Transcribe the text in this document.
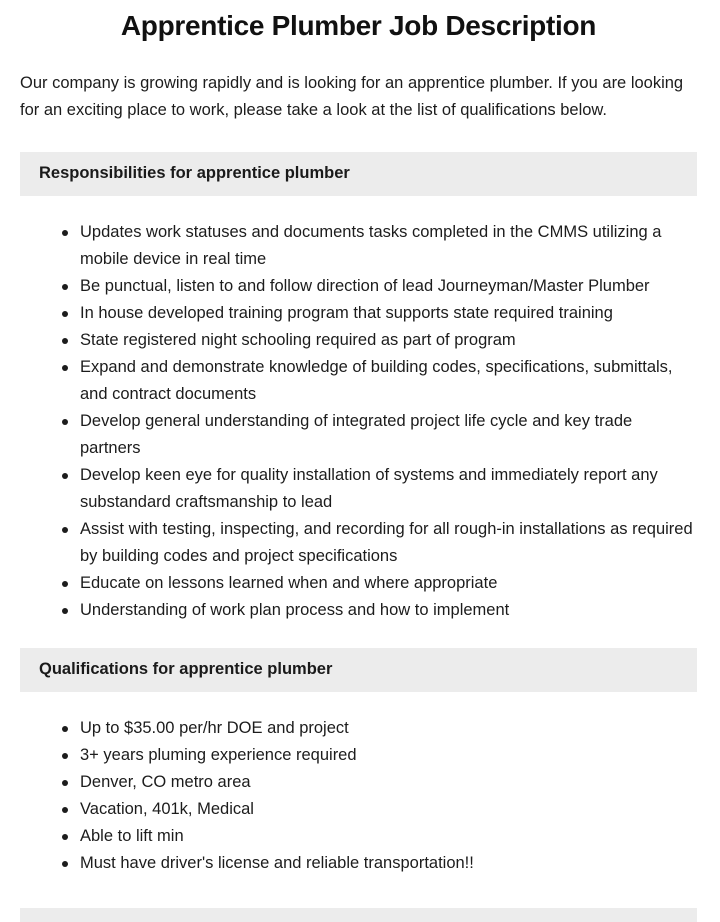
Apprentice Plumber Job Description

Our company is growing rapidly and is looking for an apprentice plumber. If you are looking for an exciting place to work, please take a look at the list of qualifications below.

Responsibilities for apprentice plumber
Updates work statuses and documents tasks completed in the CMMS utilizing a mobile device in real time
Be punctual, listen to and follow direction of lead Journeyman/Master Plumber
In house developed training program that supports state required training
State registered night schooling required as part of program
Expand and demonstrate knowledge of building codes, specifications, submittals, and contract documents
Develop general understanding of integrated project life cycle and key trade partners
Develop keen eye for quality installation of systems and immediately report any substandard craftsmanship to lead
Assist with testing, inspecting, and recording for all rough-in installations as required by building codes and project specifications
Educate on lessons learned when and where appropriate
Understanding of work plan process and how to implement
Qualifications for apprentice plumber
Up to $35.00 per/hr DOE and project
3+ years pluming experience required
Denver, CO metro area
Vacation, 401k, Medical
Able to lift min
Must have driver's license and reliable transportation!!
